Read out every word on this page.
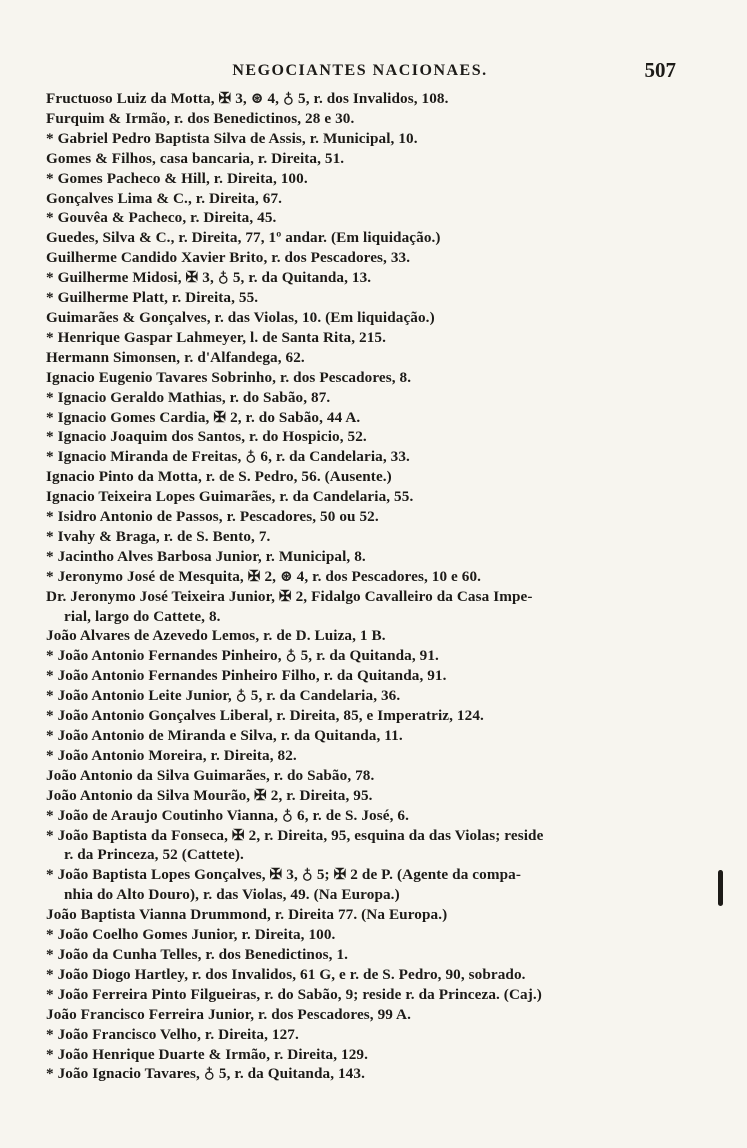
NEGOCIANTES NACIONAES.	507
Fructuoso Luiz da Motta, ✠ 3, ⊛ 4, ♁ 5, r. dos Invalidos, 108.
Furquim & Irmão, r. dos Benedictinos, 28 e 30.
* Gabriel Pedro Baptista Silva de Assis, r. Municipal, 10.
Gomes & Filhos, casa bancaria, r. Direita, 51.
* Gomes Pacheco & Hill, r. Direita, 100.
Gonçalves Lima & C., r. Direita, 67.
* Gouvêa & Pacheco, r. Direita, 45.
Guedes, Silva & C., r. Direita, 77, 1º andar. (Em liquidação.)
Guilherme Candido Xavier Brito, r. dos Pescadores, 33.
* Guilherme Midosi, ✠ 3, ♁ 5, r. da Quitanda, 13.
* Guilherme Platt, r. Direita, 55.
Guimarães & Gonçalves, r. das Violas, 10. (Em liquidação.)
* Henrique Gaspar Lahmeyer, l. de Santa Rita, 215.
Hermann Simonsen, r. d'Alfandega, 62.
Ignacio Eugenio Tavares Sobrinho, r. dos Pescadores, 8.
* Ignacio Geraldo Mathias, r. do Sabão, 87.
* Ignacio Gomes Cardia, ✠ 2, r. do Sabão, 44 A.
* Ignacio Joaquim dos Santos, r. do Hospicio, 52.
* Ignacio Miranda de Freitas, ♁ 6, r. da Candelaria, 33.
Ignacio Pinto da Motta, r. de S. Pedro, 56. (Ausente.)
Ignacio Teixeira Lopes Guimarães, r. da Candelaria, 55.
* Isidro Antonio de Passos, r. Pescadores, 50 ou 52.
* Ivahy & Braga, r. de S. Bento, 7.
* Jacintho Alves Barbosa Junior, r. Municipal, 8.
* Jeronymo José de Mesquita, ✠ 2, ⊛ 4, r. dos Pescadores, 10 e 60.
Dr. Jeronymo José Teixeira Junior, ✠ 2, Fidalgo Cavalleiro da Casa Impe-
rial, largo do Cattete, 8.
João Alvares de Azevedo Lemos, r. de D. Luiza, 1 B.
* João Antonio Fernandes Pinheiro, ♁ 5, r. da Quitanda, 91.
* João Antonio Fernandes Pinheiro Filho, r. da Quitanda, 91.
* João Antonio Leite Junior, ♁ 5, r. da Candelaria, 36.
* João Antonio Gonçalves Liberal, r. Direita, 85, e Imperatriz, 124.
* João Antonio de Miranda e Silva, r. da Quitanda, 11.
* João Antonio Moreira, r. Direita, 82.
João Antonio da Silva Guimarães, r. do Sabão, 78.
João Antonio da Silva Mourão, ✠ 2, r. Direita, 95.
* João de Araujo Coutinho Vianna, ♁ 6, r. de S. José, 6.
* João Baptista da Fonseca, ✠ 2, r. Direita, 95, esquina da das Violas; reside
r. da Princeza, 52 (Cattete).
* João Baptista Lopes Gonçalves, ✠ 3, ♁ 5; ✠ 2 de P. (Agente da compa-
nhia do Alto Douro), r. das Violas, 49. (Na Europa.)
João Baptista Vianna Drummond, r. Direita 77. (Na Europa.)
* João Coelho Gomes Junior, r. Direita, 100.
* João da Cunha Telles, r. dos Benedictinos, 1.
* João Diogo Hartley, r. dos Invalidos, 61 G, e r. de S. Pedro, 90, sobrado.
* João Ferreira Pinto Filgueiras, r. do Sabão, 9; reside r. da Princeza. (Caj.)
João Francisco Ferreira Junior, r. dos Pescadores, 99 A.
* João Francisco Velho, r. Direita, 127.
* João Henrique Duarte & Irmão, r. Direita, 129.
* João Ignacio Tavares, ♁ 5, r. da Quitanda, 143.
